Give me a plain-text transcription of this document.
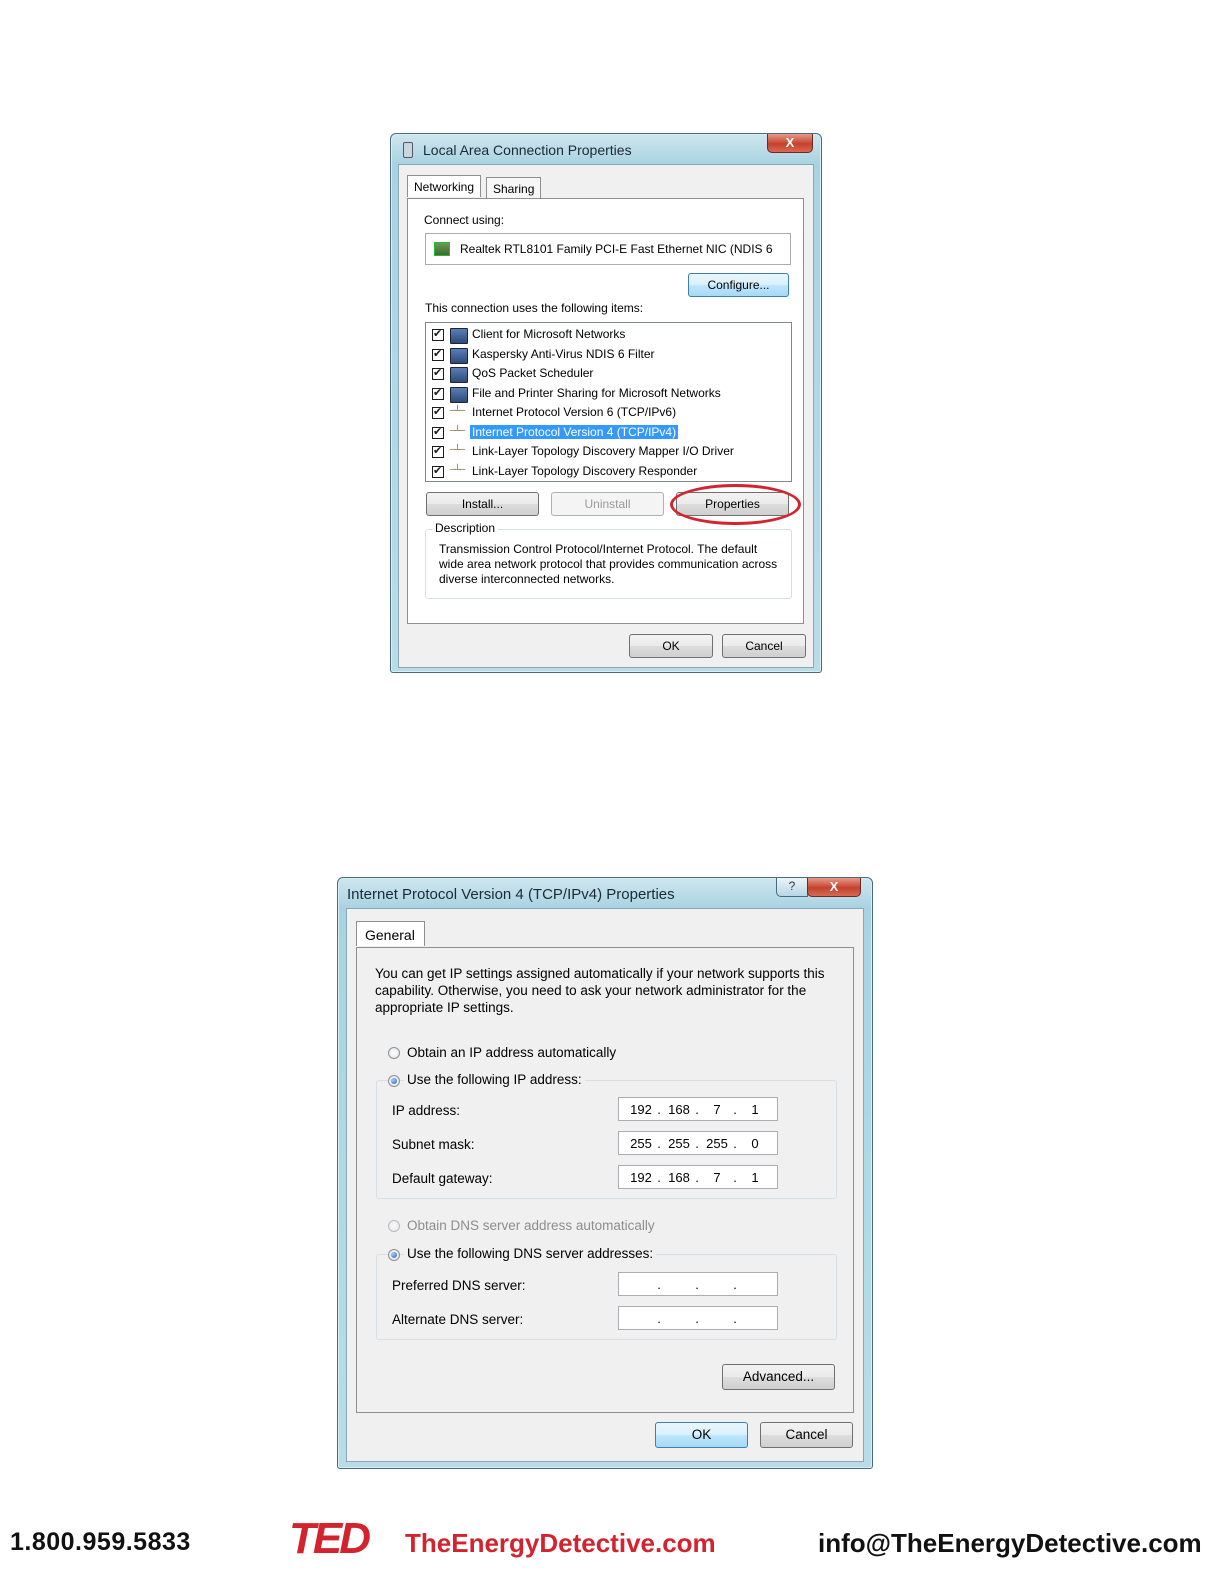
Local Area Connection Properties	X
Networking	Sharing
Connect using:
Realtek RTL8101 Family PCI-E Fast Ethernet NIC (NDIS 6
Configure...
This connection uses the following items:
✔
Client for Microsoft Networks
✔
Kaspersky Anti-Virus NDIS 6 Filter
✔
QoS Packet Scheduler
✔
File and Printer Sharing for Microsoft Networks
✔
─┴─
Internet Protocol Version 6 (TCP/IPv6)
✔
─┴─
Internet Protocol Version 4 (TCP/IPv4)
✔
─┴─
Link-Layer Topology Discovery Mapper I/O Driver
✔
─┴─
Link-Layer Topology Discovery Responder
Install...	Uninstall	Properties
Description
Transmission Control Protocol/Internet Protocol. The default wide area network protocol that provides communication across diverse interconnected networks.
OK	Cancel
Internet Protocol Version 4 (TCP/IPv4) Properties	?	X
General
You can get IP settings assigned automatically if your network supports this capability. Otherwise, you need to ask your network administrator for the appropriate IP settings.
Obtain an IP address automatically
Use the following IP address:
IP address:	192 . 168 .	7 .	1
Subnet mask:	255 . 255 . 255 .	0
Default gateway:	192 . 168 .	7 .	1
Obtain DNS server address automatically
Use the following DNS server addresses:
Preferred DNS server:	.	.	.
Alternate DNS server:	.	.	.
Advanced...
OK	Cancel
1.800.959.5833 TED TheEnergyDetective.com	info@TheEnergyDetective.com
